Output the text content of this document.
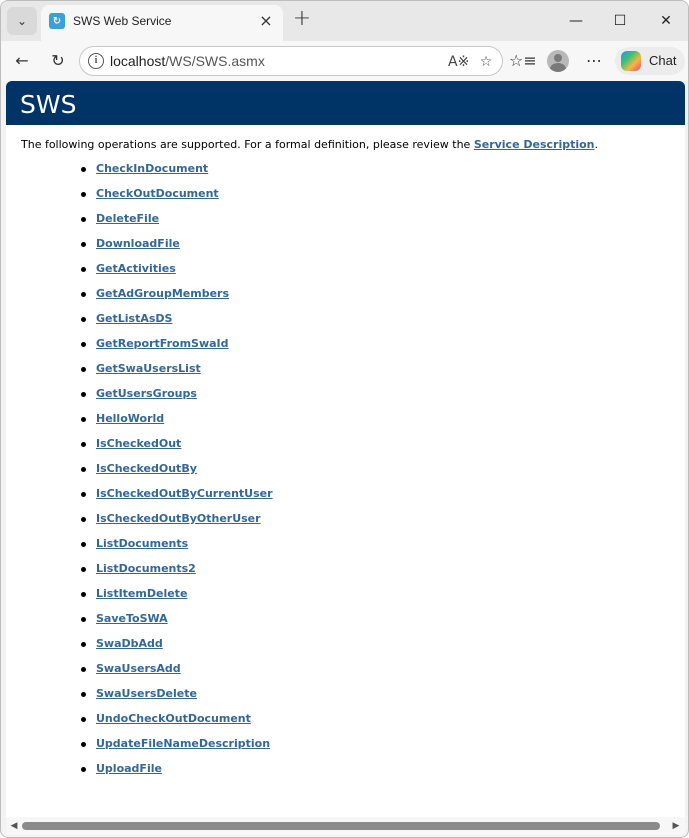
⌄	↻ SWS Web Service	× +	—	☐	✕
←	↻	i localhost/WS/SWS.asmx	A※ ☆ ☆≡	⋯	Chat
SWS

The following operations are supported. For a formal definition, please review the Service Description.

CheckInDocument
CheckOutDocument
DeleteFile
DownloadFile
GetActivities
GetAdGroupMembers
GetListAsDS
GetReportFromSwaId
GetSwaUsersList
GetUsersGroups
HelloWorld
IsCheckedOut
IsCheckedOutBy
IsCheckedOutByCurrentUser
IsCheckedOutByOtherUser
ListDocuments
ListDocuments2
ListItemDelete
SaveToSWA
SwaDbAdd
SwaUsersAdd
SwaUsersDelete
UndoCheckOutDocument
UpdateFileNameDescription
UploadFile
◀	▶
